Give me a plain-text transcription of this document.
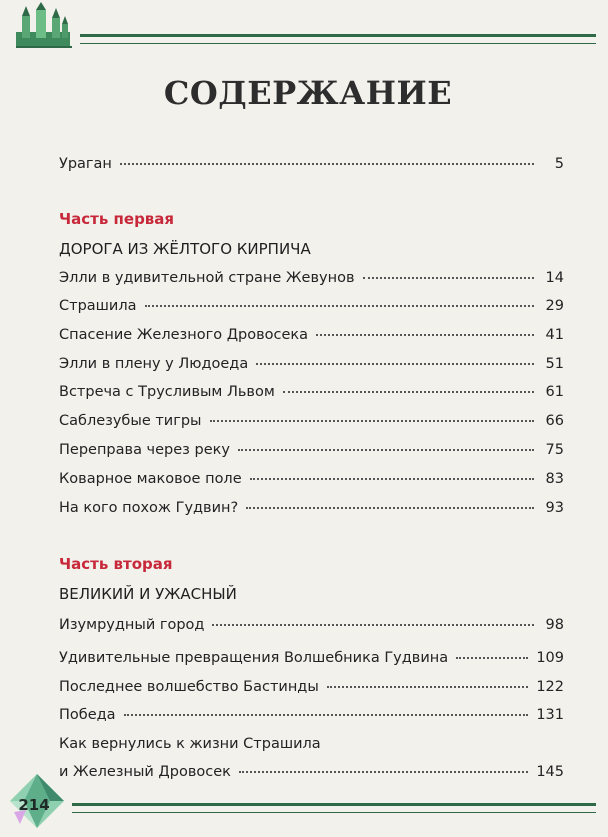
СОДЕРЖАНИЕ
Ураган	5
Часть первая
ДОРОГА ИЗ ЖЁЛТОГО КИРПИЧА
Элли в удивительной стране Жевунов	14
Страшила	29
Спасение Железного Дровосека	41
Элли в плену у Людоеда	51
Встреча с Трусливым Львом	61
Саблезубые тигры	66
Переправа через реку	75
Коварное маковое поле	83
На кого похож Гудвин?	93
Часть вторая
ВЕЛИКИЙ И УЖАСНЫЙ
Изумрудный город	98
Удивительные превращения Волшебника Гудвина	109
Последнее волшебство Бастинды	122
Победа	131
Как вернулись к жизни Страшила
и Железный Дровосек	145
214
